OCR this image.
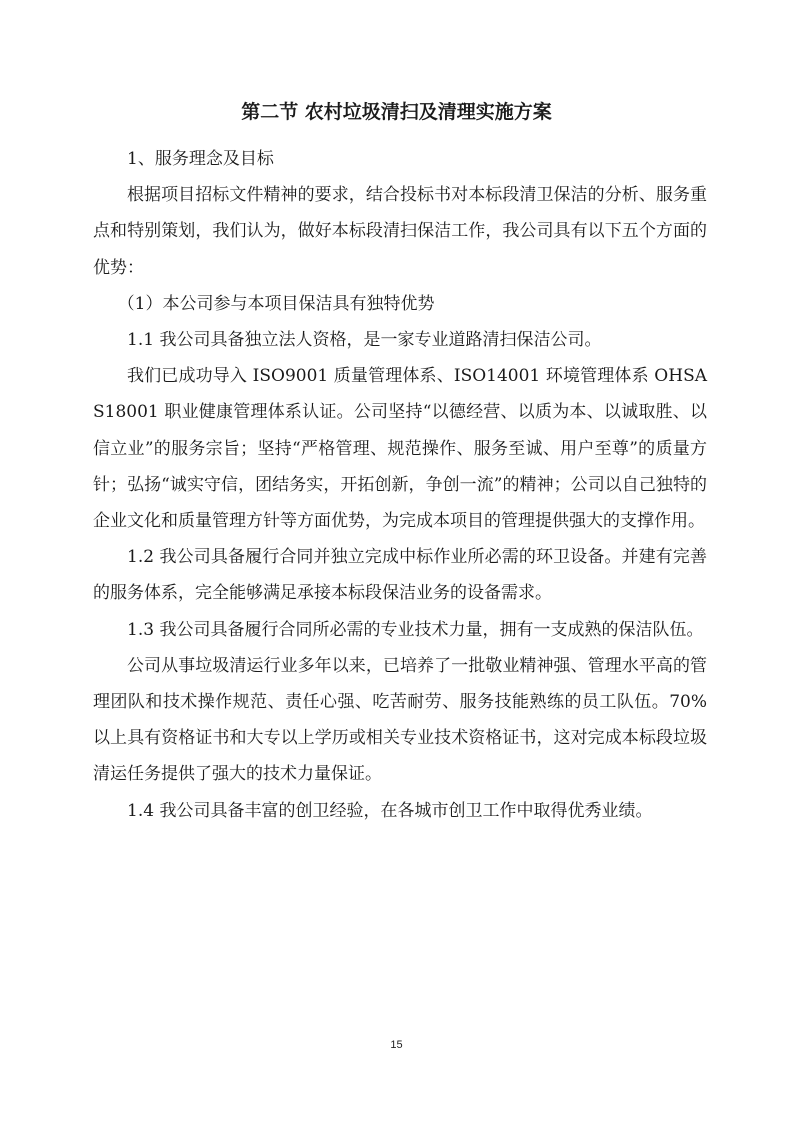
第二节 农村垃圾清扫及清理实施方案

1、服务理念及目标

根据项目招标文件精神的要求，结合投标书对本标段清卫保洁的分析、服务重点和特别策划，我们认为，做好本标段清扫保洁工作，我公司具有以下五个方面的优势：

（1）本公司参与本项目保洁具有独特优势

1.1 我公司具备独立法人资格，是一家专业道路清扫保洁公司。

我们已成功导入 ISO9001 质量管理体系、ISO14001 环境管理体系 OHSAS18001 职业健康管理体系认证。公司坚持“以德经营、以质为本、以诚取胜、以信立业”的服务宗旨；坚持“严格管理、规范操作、服务至诚、用户至尊”的质量方针；弘扬“诚实守信，团结务实，开拓创新，争创一流”的精神；公司以自己独特的企业文化和质量管理方针等方面优势，为完成本项目的管理提供强大的支撑作用。

1.2 我公司具备履行合同并独立完成中标作业所必需的环卫设备。并建有完善的服务体系，完全能够满足承接本标段保洁业务的设备需求。

1.3 我公司具备履行合同所必需的专业技术力量，拥有一支成熟的保洁队伍。

公司从事垃圾清运行业多年以来，已培养了一批敬业精神强、管理水平高的管理团队和技术操作规范、责任心强、吃苦耐劳、服务技能熟练的员工队伍。70%以上具有资格证书和大专以上学历或相关专业技术资格证书，这对完成本标段垃圾清运任务提供了强大的技术力量保证。

1.4 我公司具备丰富的创卫经验，在各城市创卫工作中取得优秀业绩。

15
